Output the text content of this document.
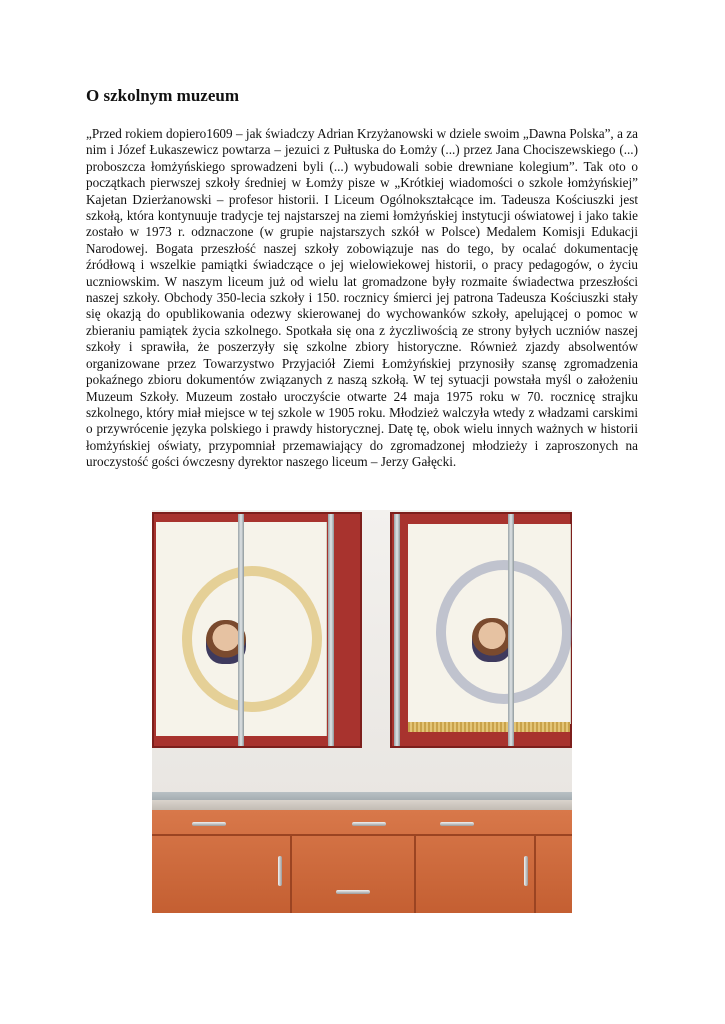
O szkolnym muzeum

„Przed rokiem dopiero1609 – jak świadczy Adrian Krzyżanowski w dziele swoim „Dawna Polska”, a za nim i Józef Łukaszewicz powtarza – jezuici z Pułtuska do Łomży (...) przez Jana Chociszewskiego (...) proboszcza łomżyńskiego sprowadzeni byli (...) wybudowali sobie drewniane kolegium”. Tak oto o początkach pierwszej szkoły średniej w Łomży pisze w „Krótkiej wiadomości o szkole łomżyńskiej” Kajetan Dzierżanowski – profesor historii. I Liceum Ogólnokształcące im. Tadeusza Kościuszki jest szkołą, która kontynuuje tradycje tej najstarszej na ziemi łomżyńskiej instytucji oświatowej i jako takie zostało w 1973 r. odznaczone (w grupie najstarszych szkół w Polsce) Medalem Komisji Edukacji Narodowej. Bogata przeszłość naszej szkoły zobowiązuje nas do tego, by ocalać dokumentację źródłową i wszelkie pamiątki świadczące o jej wielowiekowej historii, o pracy pedagogów, o życiu uczniowskim. W naszym liceum już od wielu lat gromadzone były rozmaite świadectwa przeszłości naszej szkoły. Obchody 350-lecia szkoły i 150. rocznicy śmierci jej patrona Tadeusza Kościuszki stały się okazją do opublikowania odezwy skierowanej do wychowanków szkoły, apelującej o pomoc w zbieraniu pamiątek życia szkolnego. Spotkała się ona z życzliwością ze strony byłych uczniów naszej szkoły i sprawiła, że poszerzyły się szkolne zbiory historyczne. Również zjazdy absolwentów organizowane przez Towarzystwo Przyjaciół Ziemi Łomżyńskiej przynosiły szansę zgromadzenia pokaźnego zbioru dokumentów związanych z naszą szkołą. W tej sytuacji powstała myśl o założeniu Muzeum Szkoły. Muzeum zostało uroczyście otwarte 24 maja 1975 roku w 70. rocznicę strajku szkolnego, który miał miejsce w tej szkole w 1905 roku. Młodzież walczyła wtedy z władzami carskimi o przywrócenie języka polskiego i prawdy historycznej. Datę tę, obok wielu innych ważnych w historii łomżyńskiej oświaty, przypomniał przemawiający do zgromadzonej młodzieży i zaproszonych na uroczystość gości ówczesny dyrektor naszego liceum – Jerzy Gałęcki.
